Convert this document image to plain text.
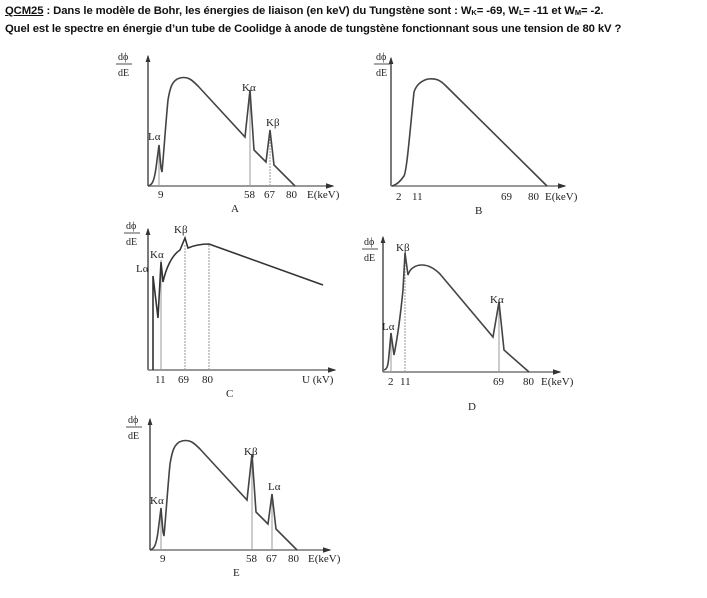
QCM25 : Dans le modèle de Bohr, les énergies de liaison (en keV) du Tungstène sont : $W_K= -69$, $W_L= -11$ et $W_M= -2$.
Quel est le spectre en énergie d’un tube de Coolidge à anode de tungstène fonctionnant sous une tension de 80 kV ?
dϕ
dE
Lα
Kα
Kβ
9	58 67 80 E(keV)
A
dϕ
dE
2 11	69 80 E(keV)
B
dϕ
dE
Lα
Kα
Kβ
11 69 80	U (kV)
C
dϕ
dE
Lα
Kβ
Kα
2 11	69 80 E(keV)
D
dϕ
dE
Kα
Kβ
Lα
9	58 67 80 E(keV)
E
